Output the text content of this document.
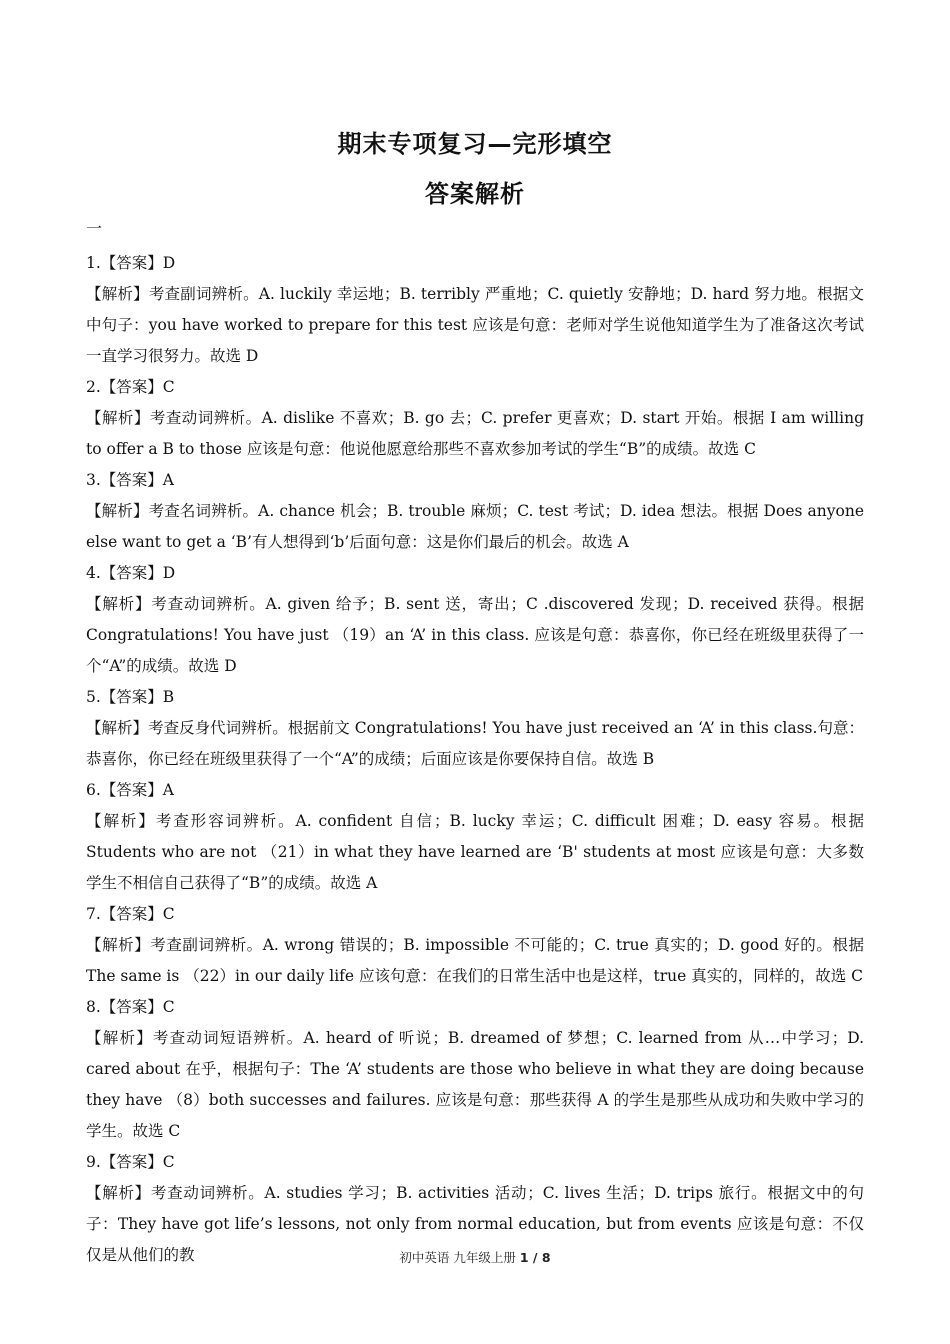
期末专项复习—完形填空
答案解析
一

1.【答案】D

【解析】考查副词辨析。A. luckily 幸运地；B. terribly 严重地；C. quietly 安静地；D. hard 努力地。根据文中句子：you have worked to prepare for this test 应该是句意：老师对学生说他知道学生为了准备这次考试一直学习很努力。故选 D

2.【答案】C

【解析】考查动词辨析。A. dislike 不喜欢；B. go 去；C. prefer 更喜欢；D. start 开始。根据 I am willing to offer a B to those 应该是句意：他说他愿意给那些不喜欢参加考试的学生“B”的成绩。故选 C

3.【答案】A

【解析】考查名词辨析。A. chance 机会；B. trouble 麻烦；C. test 考试；D. idea 想法。根据 Does anyone else want to get a ‘B’有人想得到‘b’后面句意：这是你们最后的机会。故选 A

4.【答案】D

【解析】考查动词辨析。A. given 给予；B. sent 送，寄出；C .discovered 发现；D. received 获得。根据 Congratulations! You have just （19）an ‘A’ in this class. 应该是句意：恭喜你，你已经在班级里获得了一个“A”的成绩。故选 D

5.【答案】B

【解析】考查反身代词辨析。根据前文 Congratulations! You have just received an ‘A’ in this class.句意：恭喜你，你已经在班级里获得了一个“A”的成绩；后面应该是你要保持自信。故选 B

6.【答案】A

【解析】考查形容词辨析。A. confident 自信；B. lucky 幸运；C. difficult 困难；D. easy 容易。根据 Students who are not （21）in what they have learned are ‘B' students at most 应该是句意：大多数学生不相信自己获得了“B”的成绩。故选 A

7.【答案】C

【解析】考查副词辨析。A. wrong 错误的；B. impossible 不可能的；C. true 真实的；D. good 好的。根据 The same is （22）in our daily life 应该句意：在我们的日常生活中也是这样，true 真实的，同样的，故选 C

8.【答案】C

【解析】考查动词短语辨析。A. heard of 听说；B. dreamed of 梦想；C. learned from 从…中学习；D. cared about 在乎，根据句子：The ‘A’ students are those who believe in what they are doing because they have （8）both successes and failures. 应该是句意：那些获得 A 的学生是那些从成功和失败中学习的学生。故选 C

9.【答案】C

【解析】考查动词辨析。A. studies 学习；B. activities 活动；C. lives 生活；D. trips 旅行。根据文中的句子：They have got life’s lessons, not only from normal education, but from events 应该是句意：不仅仅是从他们的教	初中英语 九年级上册 1 / 8
